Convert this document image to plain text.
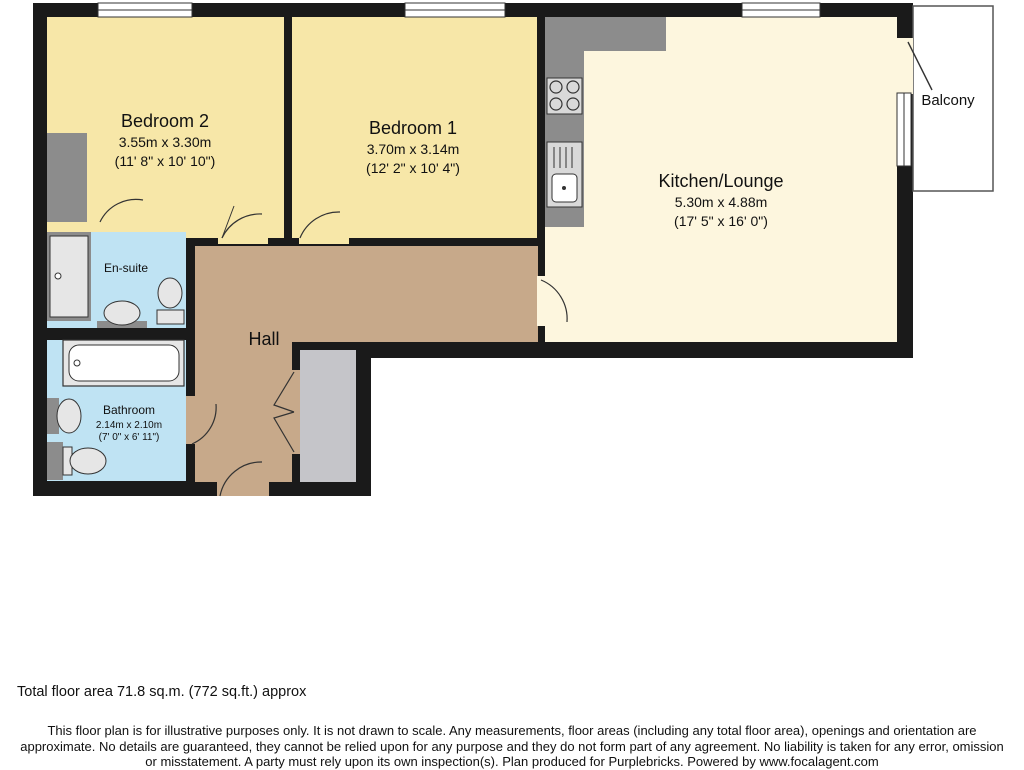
Bedroom 2
3.55m x 3.30m
(11' 8" x 10' 10")
Bedroom 1
3.70m x 3.14m
(12' 2" x 10' 4")
Kitchen/Lounge
5.30m x 4.88m
(17' 5" x 16' 0")
Balcony
En-suite
Hall
Bathroom
2.14m x 2.10m
(7' 0" x 6' 11")
Total floor area 71.8 sq.m. (772 sq.ft.) approx
This floor plan is for illustrative purposes only. It is not drawn to scale. Any measurements, floor areas (including any total floor area), openings and orientation are
approximate. No details are guaranteed, they cannot be relied upon for any purpose and they do not form part of any agreement. No liability is taken for any error, omission
or misstatement. A party must rely upon its own inspection(s). Plan produced for Purplebricks. Powered by www.focalagent.com
